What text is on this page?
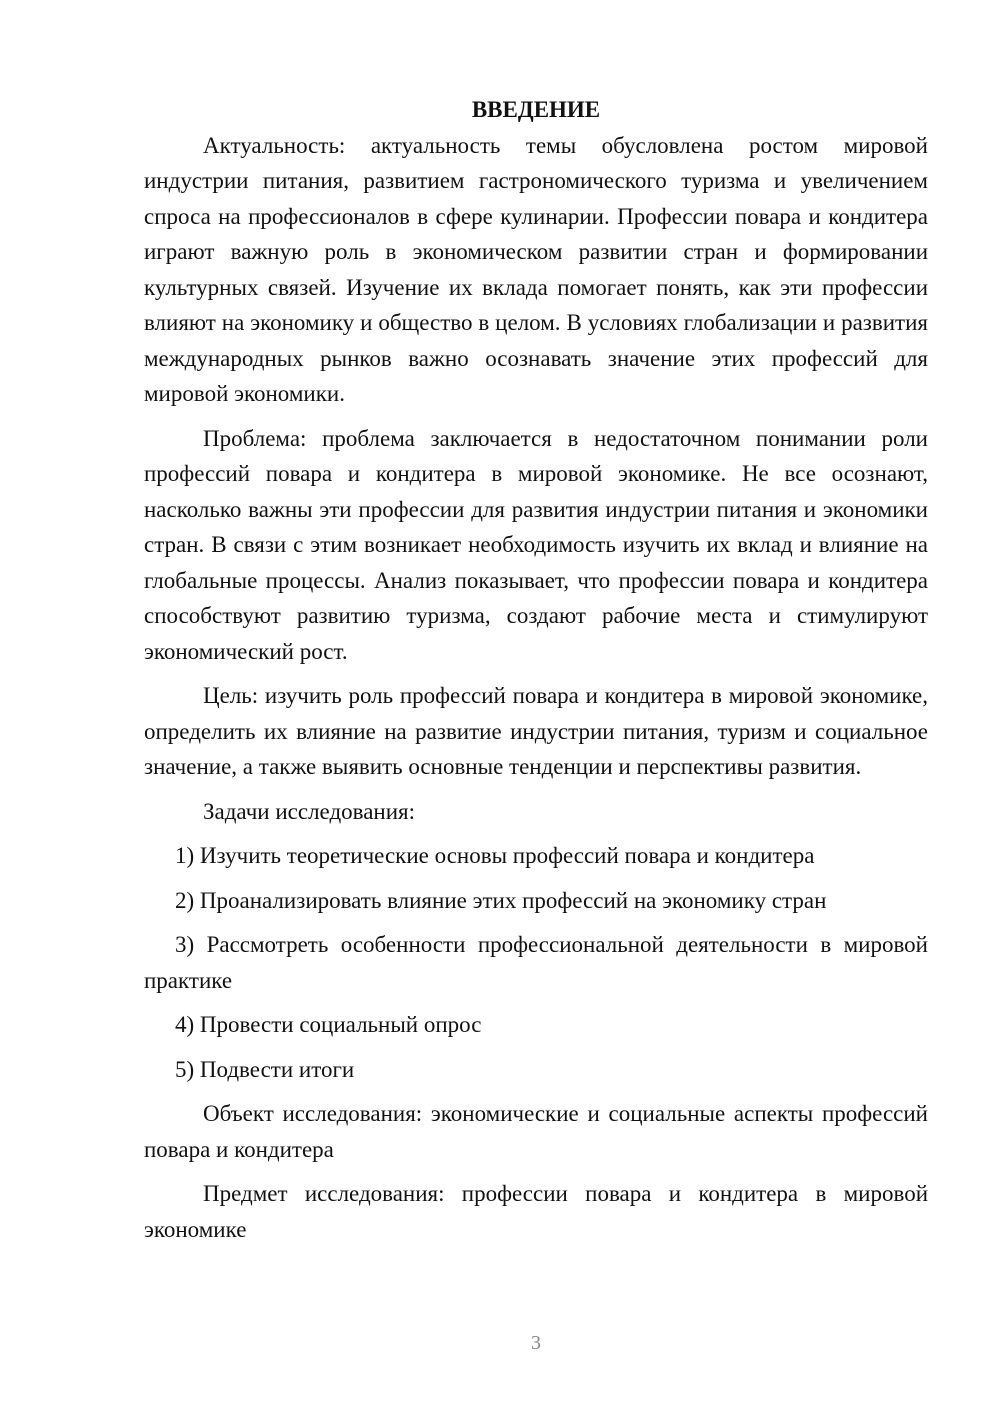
ВВЕДЕНИЕ

Актуальность: актуальность темы обусловлена ростом мировой индустрии питания, развитием гастрономического туризма и увеличением спроса на профессионалов в сфере кулинарии. Профессии повара и кондитера играют важную роль в экономическом развитии стран и формировании культурных связей. Изучение их вклада помогает понять, как эти профессии влияют на экономику и общество в целом. В условиях глобализации и развития международных рынков важно осознавать значение этих профессий для мировой экономики.

Проблема: проблема заключается в недостаточном понимании роли профессий повара и кондитера в мировой экономике. Не все осознают, насколько важны эти профессии для развития индустрии питания и экономики стран. В связи с этим возникает необходимость изучить их вклад и влияние на глобальные процессы. Анализ показывает, что профессии повара и кондитера способствуют развитию туризма, создают рабочие места и стимулируют экономический рост.

Цель: изучить роль профессий повара и кондитера в мировой экономике, определить их влияние на развитие индустрии питания, туризм и социальное значение, а также выявить основные тенденции и перспективы развития.

Задачи исследования:

1) Изучить теоретические основы профессий повара и кондитера

2) Проанализировать влияние этих профессий на экономику стран

3) Рассмотреть особенности профессиональной деятельности в мировой практике

4) Провести социальный опрос

5) Подвести итоги

Объект исследования: экономические и социальные аспекты профессий повара и кондитера

Предмет исследования: профессии повара и кондитера в мировой экономике

3
